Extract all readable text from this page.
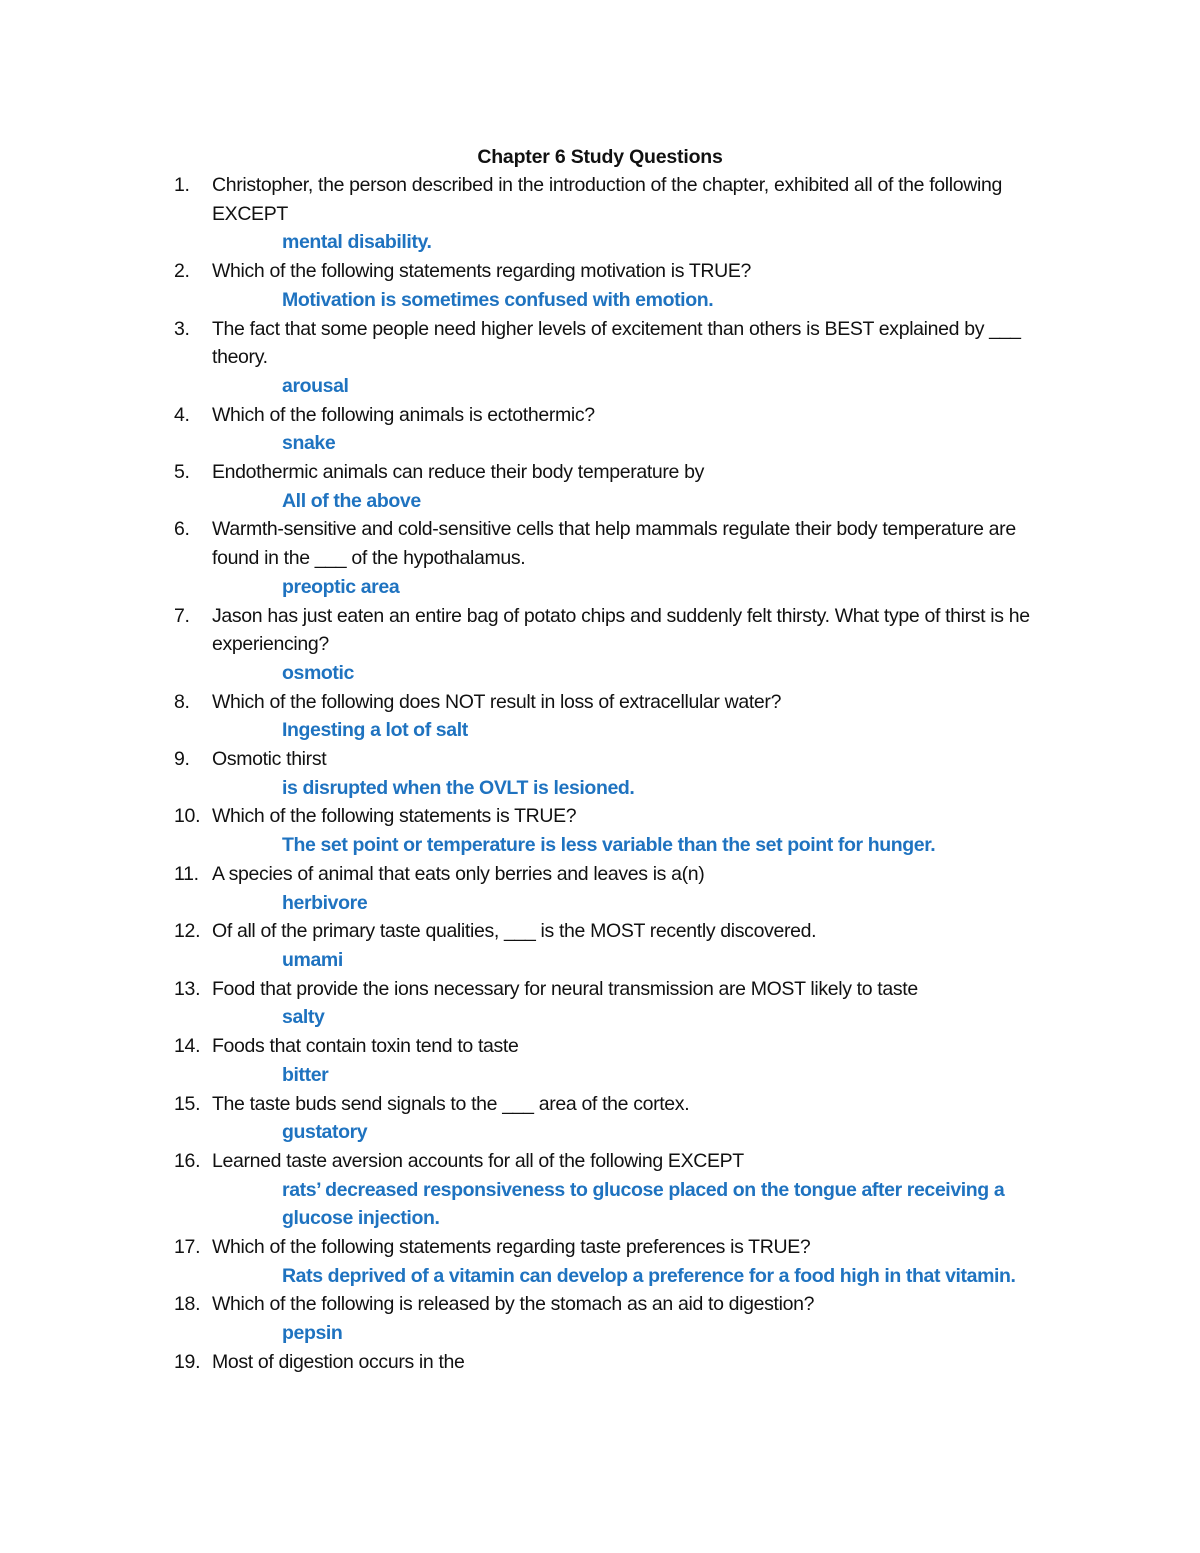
Chapter 6 Study Questions
1.	Christopher, the person described in the introduction of the chapter, exhibited all of the following EXCEPT
mental disability.
2.	Which of the following statements regarding motivation is TRUE?
Motivation is sometimes confused with emotion.
3.	The fact that some people need higher levels of excitement than others is BEST explained by ___ theory.
arousal
4.	Which of the following animals is ectothermic?
snake
5.	Endothermic animals can reduce their body temperature by
All of the above
6.	Warmth-sensitive and cold-sensitive cells that help mammals regulate their body temperature are found in the ___ of the hypothalamus.
preoptic area
7.	Jason has just eaten an entire bag of potato chips and suddenly felt thirsty. What type of thirst is he experiencing?
osmotic
8.	Which of the following does NOT result in loss of extracellular water?
Ingesting a lot of salt
9.	Osmotic thirst
is disrupted when the OVLT is lesioned.
10. Which of the following statements is TRUE?
The set point or temperature is less variable than the set point for hunger.
11. A species of animal that eats only berries and leaves is a(n)
herbivore
12. Of all of the primary taste qualities, ___ is the MOST recently discovered.
umami
13. Food that provide the ions necessary for neural transmission are MOST likely to taste
salty
14. Foods that contain toxin tend to taste
bitter
15. The taste buds send signals to the ___ area of the cortex.
gustatory
16. Learned taste aversion accounts for all of the following EXCEPT
rats’ decreased responsiveness to glucose placed on the tongue after receiving a glucose injection.
17. Which of the following statements regarding taste preferences is TRUE?
Rats deprived of a vitamin can develop a preference for a food high in that vitamin.
18. Which of the following is released by the stomach as an aid to digestion?
pepsin
19. Most of digestion occurs in the
